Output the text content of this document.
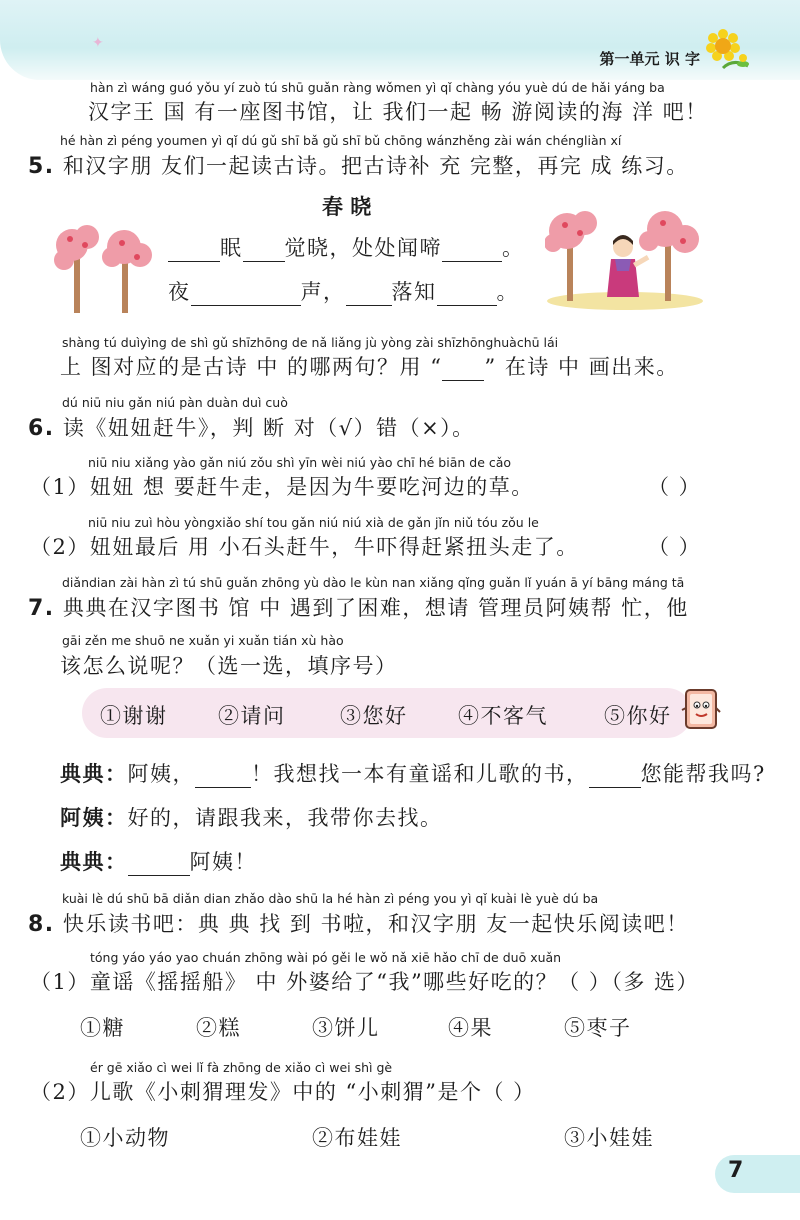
✦
第一单元 识 字
hàn zì wáng guó yǒu yí zuò tú shū guǎn ràng wǒmen yì qǐ chàng yóu yuè dú de hǎi yáng ba
汉字王 国 有一座图书馆，让 我们一起 畅 游阅读的海 洋 吧！
hé hàn zì péng youmen yì qǐ dú gǔ shī bǎ gǔ shī bǔ chōng wánzhěng zài wán chéngliàn xí
5. 和汉字朋 友们一起读古诗。把古诗补 充 完整，再完 成 练习。
春 晓
眠 觉晓，处处闻啼	。
夜	声， 落知	。
shàng tú duìyìng de shì gǔ shīzhōng de nǎ liǎng jù yòng zài shīzhōnghuàchū lái
上 图对应的是古诗 中 的哪两句？用 “ ” 在诗 中 画出来。
dú niū niu gǎn niú pàn duàn duì cuò
6. 读《妞妞赶牛》，判 断 对（√）错（×）。
niū niu xiǎng yào gǎn niú zǒu shì yīn wèi niú yào chī hé biān de cǎo
（1）妞妞 想 要赶牛走，是因为牛要吃河边的草。	（ ）
niū niu zuì hòu yòngxiǎo shí tou gǎn niú niú xià de gǎn jǐn niǔ tóu zǒu le
（2）妞妞最后 用 小石头赶牛，牛吓得赶紧扭头走了。	（ ）
diǎndian zài hàn zì tú shū guǎn zhōng yù dào le kùn nan xiǎng qǐng guǎn lǐ yuán ā yí bāng máng tā
7. 典典在汉字图书 馆 中 遇到了困难，想请 管理员阿姨帮 忙，他
gāi zěn me shuō ne xuǎn yi xuǎn tián xù hào
该怎么说呢？（选一选，填序号）
①谢谢 ②请问	③您好 ④不客气	⑤你好
典典：阿姨，	！我想找一本有童谣和儿歌的书， 您能帮我吗?
阿姨：好的，请跟我来，我带你去找。
典典：	阿姨！
kuài lè dú shū bā diǎn dian zhǎo dào shū la hé hàn zì péng you yì qǐ kuài lè yuè dú ba
8. 快乐读书吧：典 典 找 到 书啦，和汉字朋 友一起快乐阅读吧！
tóng yáo yáo yao chuán zhōng wài pó gěi le wǒ nǎ xiē hǎo chī de duō xuǎn
（1）童谣《摇摇船》 中 外婆给了“我”哪些好吃的？（ ）（多 选）
①糖	②糕	③饼儿	④果	⑤枣子
ér gē xiǎo cì wei lǐ fà zhōng de xiǎo cì wei shì gè
（2）儿歌《小刺猬理发》中的 “小刺猬”是个（ ）
①小动物	②布娃娃	③小娃娃
7
